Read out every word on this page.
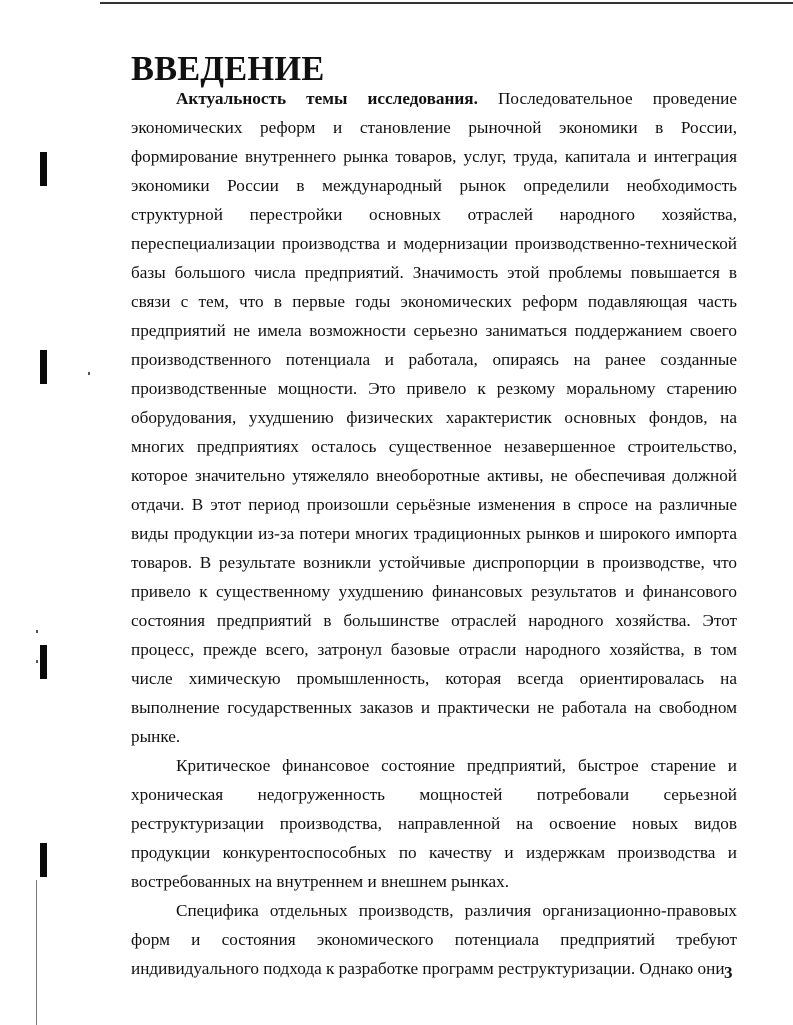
ВВЕДЕНИЕ

Актуальность темы исследования. Последовательное проведение экономических реформ и становление рыночной экономики в России, формирование внутреннего рынка товаров, услуг, труда, капитала и интеграция экономики России в международный рынок определили необходимость структурной перестройки основных отраслей народного хозяйства, переспециализации производства и модернизации производственно-технической базы большого числа предприятий. Значимость этой проблемы повышается в связи с тем, что в первые годы экономических реформ подавляющая часть предприятий не имела возможности серьезно заниматься поддержанием своего производственного потенциала и работала, опираясь на ранее созданные производственные мощности. Это привело к резкому моральному старению оборудования, ухудшению физических характеристик основных фондов, на многих предприятиях осталось существенное незавершенное строительство, которое значительно утяжеляло внеоборотные активы, не обеспечивая должной отдачи. В этот период произошли серьёзные изменения в спросе на различные виды продукции из-за потери многих традиционных рынков и широкого импорта товаров. В результате возникли устойчивые диспропорции в производстве, что привело к существенному ухудшению финансовых результатов и финансового состояния предприятий в большинстве отраслей народного хозяйства. Этот процесс, прежде всего, затронул базовые отрасли народного хозяйства, в том числе химическую промышленность, которая всегда ориентировалась на выполнение государственных заказов и практически не работала на свободном рынке.

Критическое финансовое состояние предприятий, быстрое старение и хроническая недогруженность мощностей потребовали серьезной реструктуризации производства, направленной на освоение новых видов продукции конкурентоспособных по качеству и издержкам производства и востребованных на внутреннем и внешнем рынках.

Специфика отдельных производств, различия организационно-правовых форм и состояния экономического потенциала предприятий требуют индивидуального подхода к разработке программ реструктуризации. Однако они 3
